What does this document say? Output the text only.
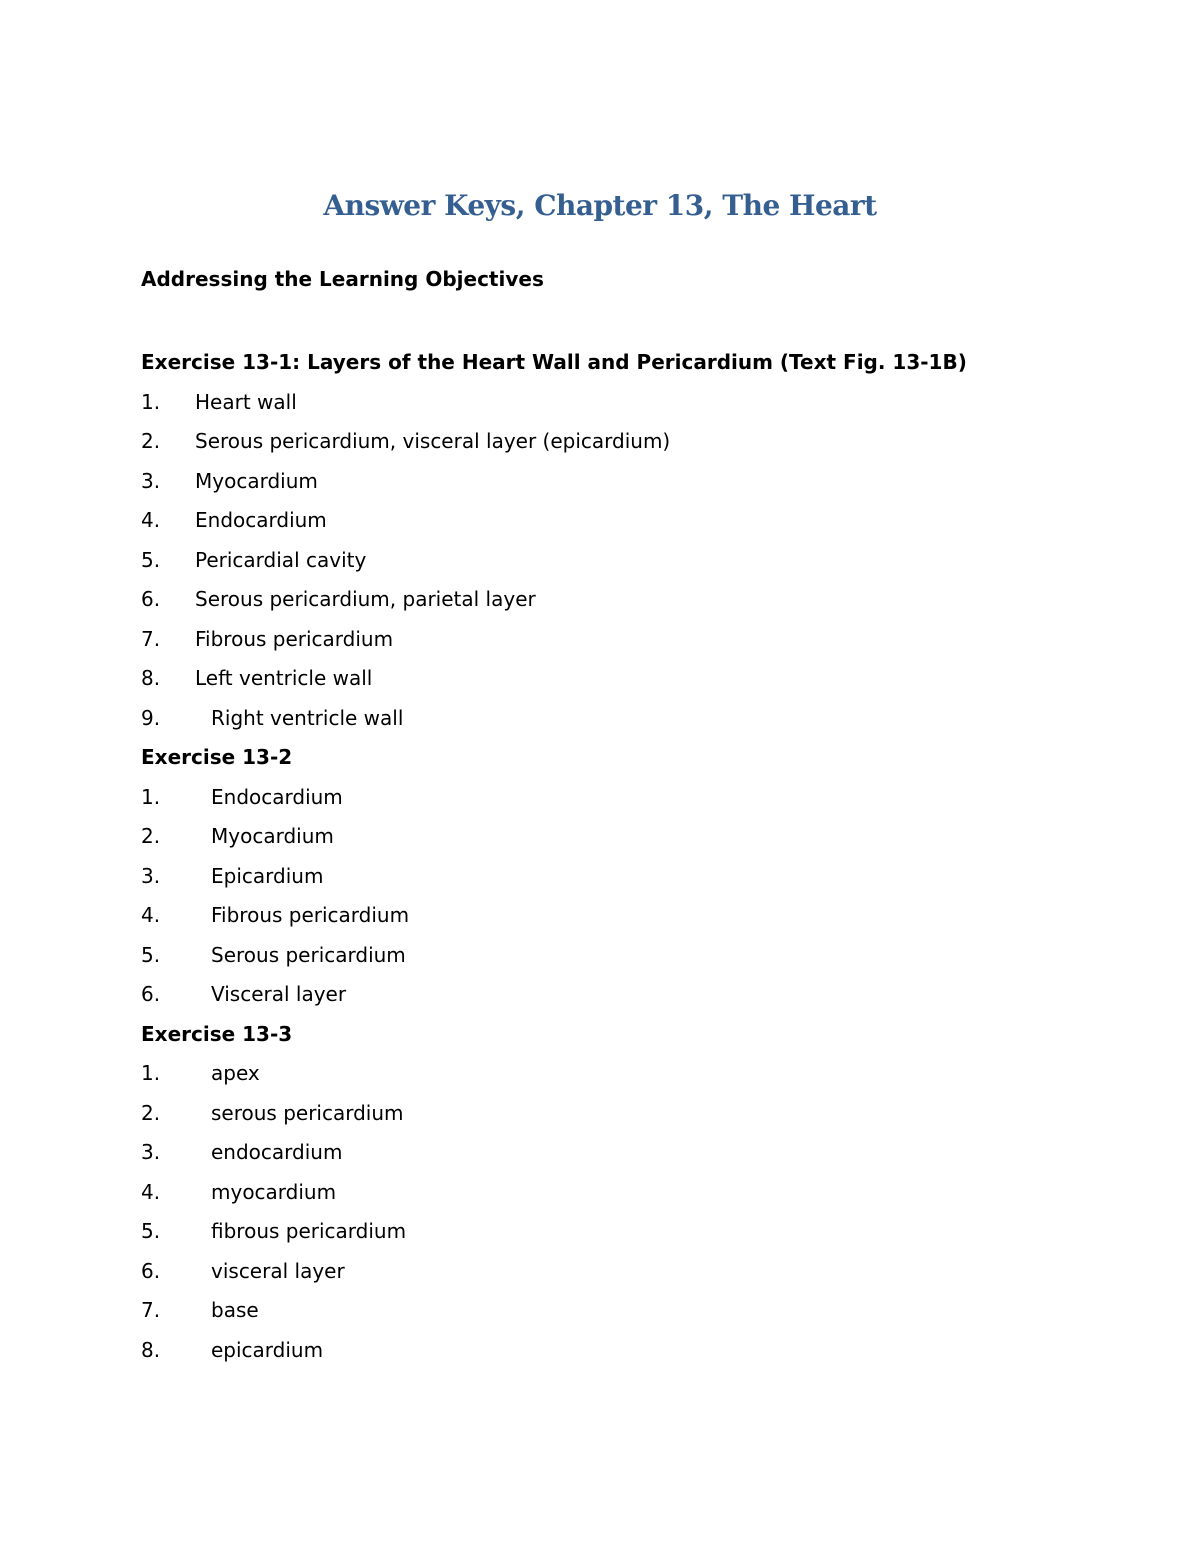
Answer Keys, Chapter 13, The Heart
Addressing the Learning Objectives
Exercise 13-1: Layers of the Heart Wall and Pericardium (Text Fig. 13-1B)
1. Heart wall
2. Serous pericardium, visceral layer (epicardium)
3. Myocardium
4. Endocardium
5. Pericardial cavity
6. Serous pericardium, parietal layer
7. Fibrous pericardium
8. Left ventricle wall
9.	Right ventricle wall
Exercise 13-2
1.	Endocardium
2.	Myocardium
3.	Epicardium
4.	Fibrous pericardium
5.	Serous pericardium
6.	Visceral layer
Exercise 13-3
1.	apex
2.	serous pericardium
3.	endocardium
4.	myocardium
5.	fibrous pericardium
6.	visceral layer
7.	base
8.	epicardium
